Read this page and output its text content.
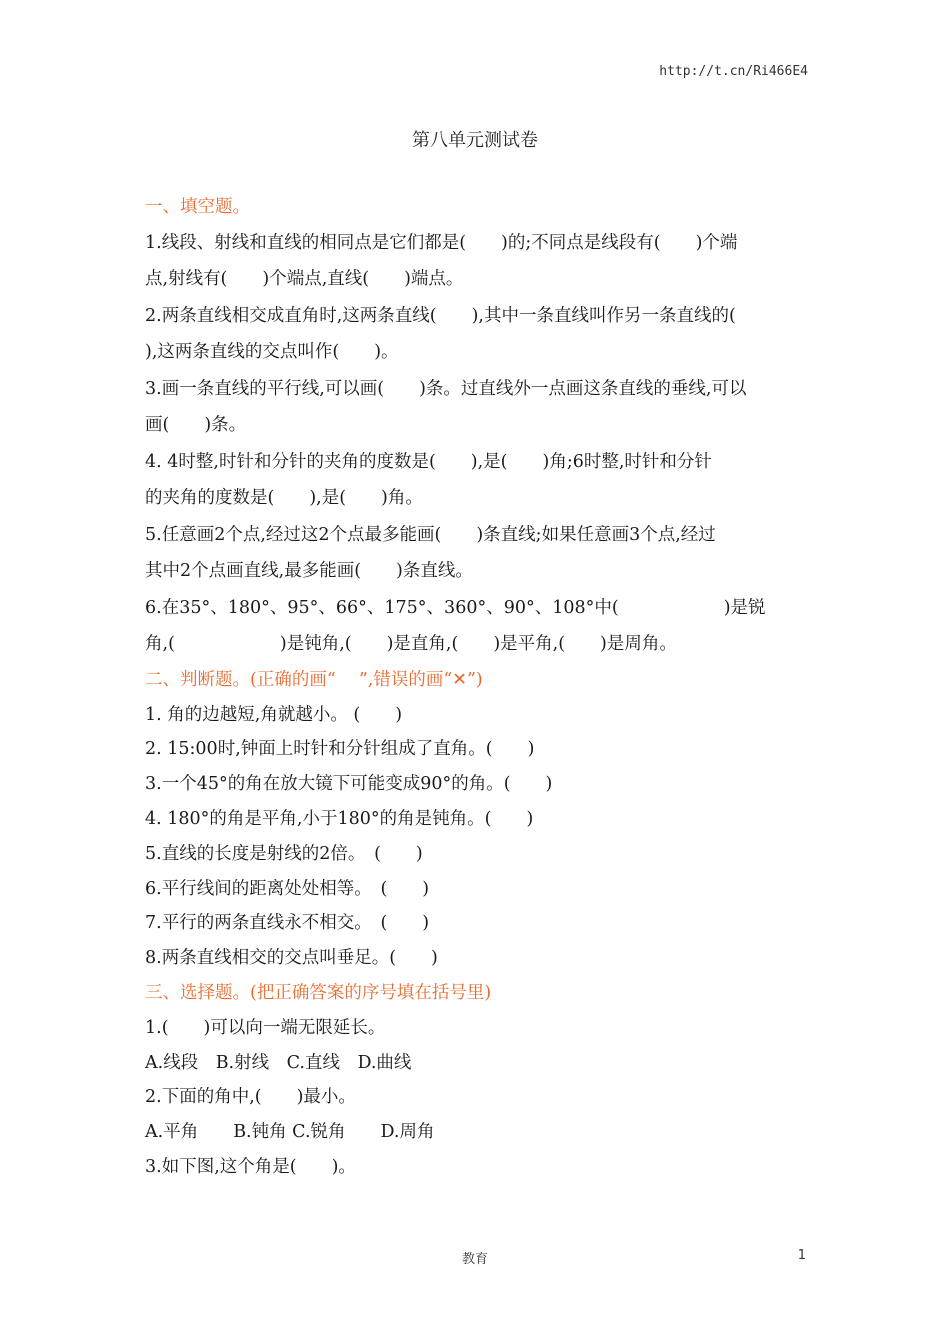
http://t.cn/Ri466E4
第八单元测试卷
一、填空题。
1.线段、射线和直线的相同点是它们都是(　　)的;不同点是线段有(　　)个端
点,射线有(　　)个端点,直线(　　)端点。
2.两条直线相交成直角时,这两条直线(　　),其中一条直线叫作另一条直线的(
),这两条直线的交点叫作(　　)。
3.画一条直线的平行线,可以画(　　)条。过直线外一点画这条直线的垂线,可以
画(　　)条。
4. 4时整,时针和分针的夹角的度数是(　　),是(　　)角;6时整,时针和分针
的夹角的度数是(　　),是(　　)角。
5.任意画2个点,经过这2个点最多能画(　　)条直线;如果任意画3个点,经过
其中2个点画直线,最多能画(　　)条直线。
6.在35°、180°、95°、66°、175°、360°、90°、108°中(　　　　　　)是锐
角,(　　　　　　)是钝角,(　　)是直角,(　　)是平角,(　　)是周角。
二、判断题。(正确的画“　 ”,错误的画“✕”)
1. 角的边越短,角就越小。 (　　)
2. 15:00时,钟面上时针和分针组成了直角。(　　)
3.一个45°的角在放大镜下可能变成90°的角。(　　)
4. 180°的角是平角,小于180°的角是钝角。(　　)
5.直线的长度是射线的2倍。　(　　)
6.平行线间的距离处处相等。　(　　)
7.平行的两条直线永不相交。　(　　)
8.两条直线相交的交点叫垂足。(　　)
三、选择题。(把正确答案的序号填在括号里)
1.(　　)可以向一端无限延长。
A.线段　B.射线　C.直线　D.曲线
2.下面的角中,(　　)最小。
A.平角　　B.钝角 C.锐角　　D.周角
3.如下图,这个角是(　　)。
教育	1
